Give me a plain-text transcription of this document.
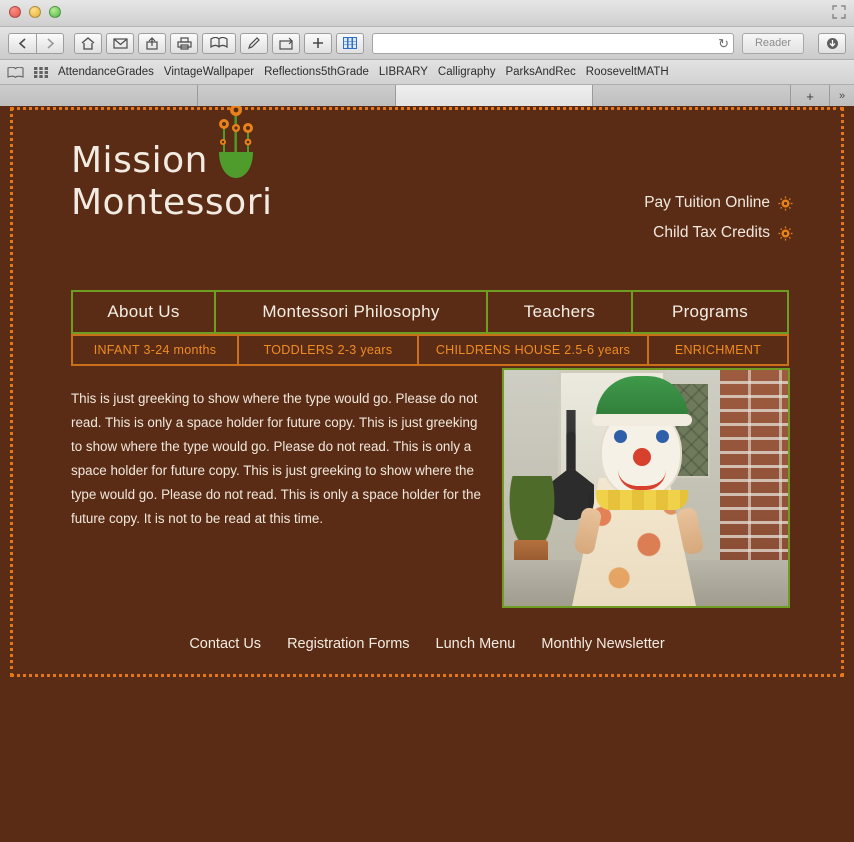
↻	Reader
AttendanceGrades VintageWallpaper Reflections5thGrade LIBRARY Calligraphy ParksAndRec RooseveltMATH
+	»
Mission
Montessori	Pay Tuition Online
Child Tax Credits
About Us	Montessori Philosophy	Teachers	Programs
INFANT 3-24 months	TODDLERS 2-3 years	CHILDRENS HOUSE 2.5-6 years	ENRICHMENT
This is just greeking to show where the type would go. Please do not read. This is only a space holder for future copy. This is just greeking to show where the type would go. Please do not read. This is only a space holder for future copy. This is just greeking to show where the type would go. Please do not read. This is only a space holder for the future copy. It is not to be read at this time.
Contact Us Registration Forms Lunch Menu Monthly Newsletter
